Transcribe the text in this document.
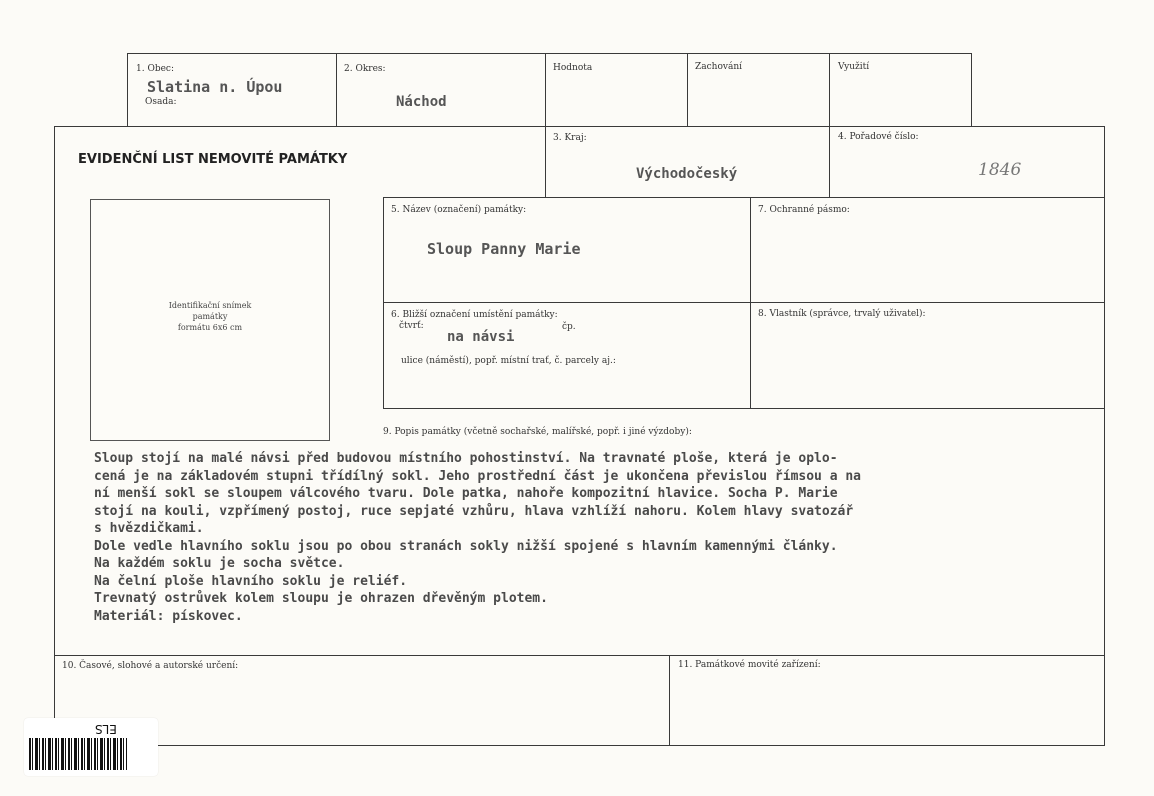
1. Obec:
Slatina n. Úpou
Osada:
2. Okres:
Náchod
Hodnota	Zachování	Využití
EVIDENČNÍ LIST NEMOVITÉ PAMÁTKY
3. Kraj:
Východočeský
4. Pořadové číslo:
1846
Identifikační snímek
památky
formátu 6x6 cm
5. Název (označení) památky:
Sloup Panny Marie
7. Ochranné pásmo:
6. Bližší označení umístění památky:
čtvrť:
na návsi
čp.
ulice (náměstí), popř. místní trať, č. parcely aj.:
8. Vlastník (správce, trvalý uživatel):
9. Popis památky (včetně sochařské, malířské, popř. i jiné výzdoby):

Sloup stojí na malé návsi před budovou místního pohostinství. Na travnaté ploše, která je oplo-

cená je na základovém stupni třídílný sokl. Jeho prostřední část je ukončena převislou římsou a na

ní menší sokl se sloupem válcového tvaru. Dole patka, nahoře kompozitní hlavice. Socha P. Marie

stojí na kouli, vzpřímený postoj, ruce sepjaté vzhůru, hlava vzhlíží nahoru. Kolem hlavy svatozář

s hvězdičkami.

Dole vedle hlavního soklu jsou po obou stranách sokly nižší spojené s hlavním kamennými články.

Na každém soklu je socha světce.

Na čelní ploše hlavního soklu je reliéf.

Trevnatý ostrůvek kolem sloupu je ohrazen dřevěným plotem.

Materiál: pískovec.

10. Časové, slohové a autorské určení:	11. Památkové movité zařízení:
ELS
